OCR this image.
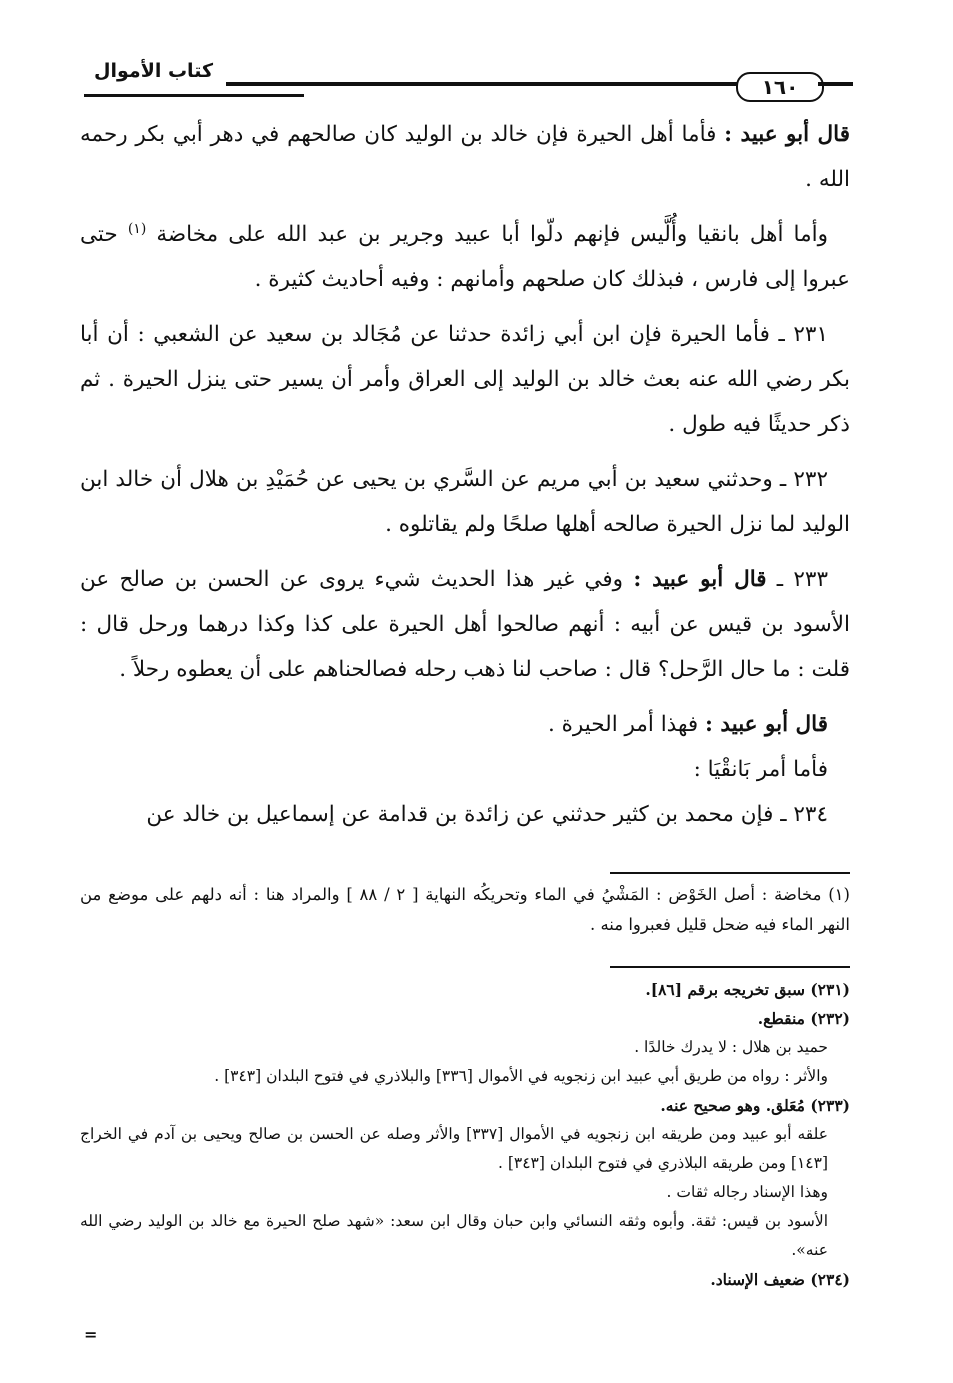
كتاب الأموال
١٦٠

قال أبو عبيد : فأما أهل الحيرة فإن خالد بن الوليد كان صالحهم في دهر أبي بكر رحمه الله .

وأما أهل بانقيا وأُلَّيس فإنهم دلّوا أبا عبيد وجرير بن عبد الله على مخاضة $^{(١)}$ حتى عبروا إلى فارس ، فبذلك كان صلحهم وأمانهم : وفيه أحاديث كثيرة .

٢٣١ ـ فأما الحيرة فإن ابن أبي زائدة حدثنا عن مُجَالد بن سعيد عن الشعبي : أن أبا بكر رضي الله عنه بعث خالد بن الوليد إلى العراق وأمر أن يسير حتى ينزل الحيرة . ثم ذكر حديثًا فيه طول .

٢٣٢ ـ وحدثني سعيد بن أبي مريم عن السَّري بن يحيى عن حُمَيْدِ بن هلال أن خالد ابن الوليد لما نزل الحيرة صالحه أهلها صلحًا ولم يقاتلوه .

٢٣٣ ـ قال أبو عبيد : وفي غير هذا الحديث شيء يروى عن الحسن بن صالح عن الأسود بن قيس عن أبيه : أنهم صالحوا أهل الحيرة على كذا وكذا درهما ورحل قال : قلت : ما حال الرَّحل؟ قال : صاحب لنا ذهب رحله فصالحناهم على أن يعطوه رحلاً .

قال أبو عبيد : فهذا أمر الحيرة .

فأما أمر بَانقْيَا :

٢٣٤ ـ فإن محمد بن كثير حدثني عن زائدة بن قدامة عن إسماعيل بن خالد عن

(١) مخاضة : أصل الخَوْض : المَشْيُ في الماء وتحريكُه النهاية [ ٢ / ٨٨ ] والمراد هنا : أنه دلهم على موضع من النهر الماء فيه ضحل قليل فعبروا منه .
(٢٣١) سبق تخريجه برقم [٨٦].
(٢٣٢) منقطع.
حميد بن هلال : لا يدرك خالدًا .
والأثر : رواه من طريق أبي عبيد ابن زنجويه في الأموال [٣٣٦] والبلاذري في فتوح البلدان [٣٤٣] .
(٢٣٣) مُعَلق. وهو صحيح عنه.
علقه أبو عبيد ومن طريقه ابن زنجويه في الأموال [٣٣٧] والأثر وصله عن الحسن بن صالح ويحيى بن آدم في الخراج [١٤٣] ومن طريقه البلاذري في فتوح البلدان [٣٤٣] .
وهذا الإسناد رجاله ثقات .
الأسود بن قيس: ثقة. وأبوه وثقه النسائي وابن حبان وقال ابن سعد: «شهد صلح الحيرة مع خالد بن الوليد رضي الله عنه».
(٢٣٤) ضعيف الإسناد.
=
